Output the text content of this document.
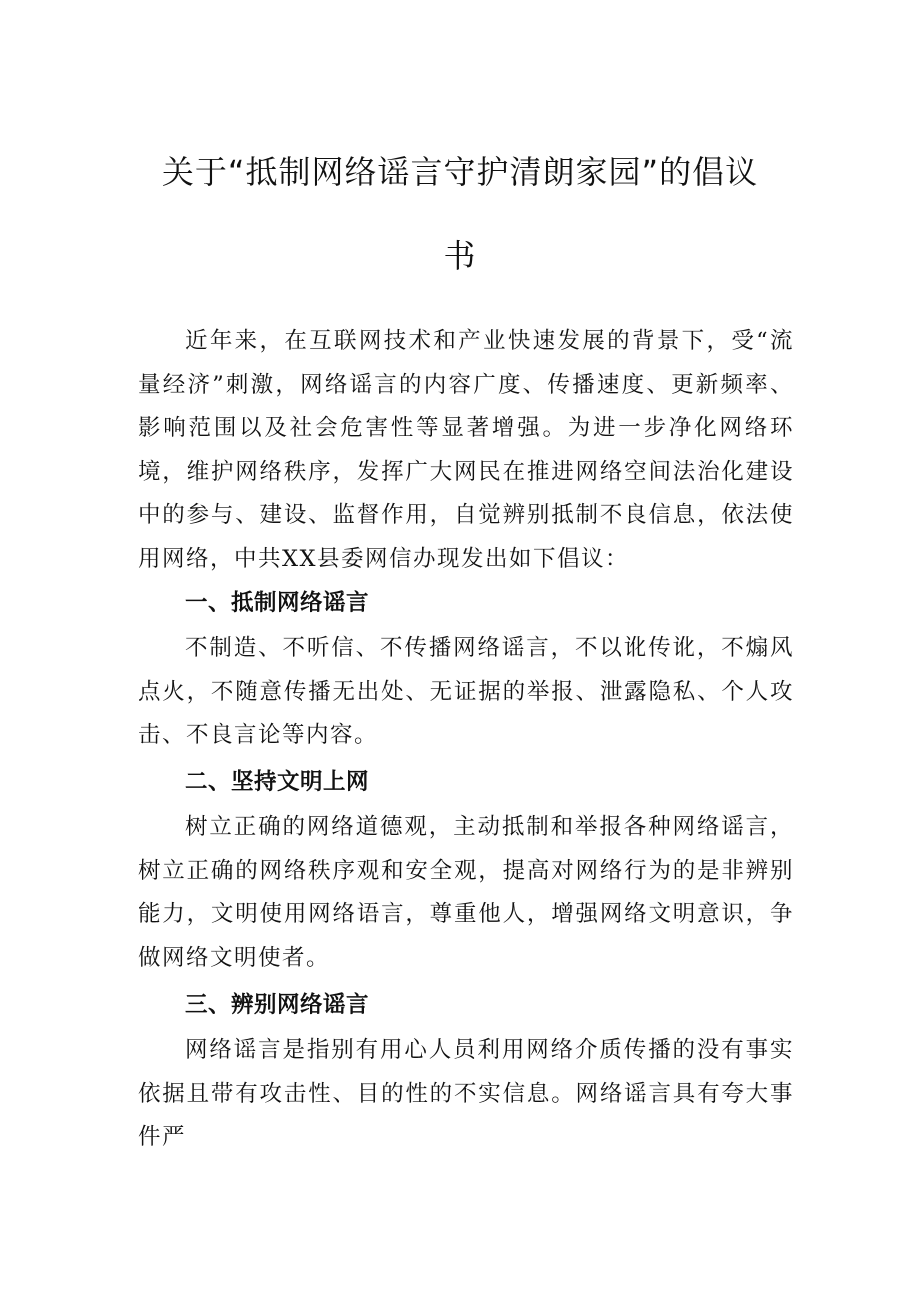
关于“抵制网络谣言守护清朗家园”的倡议
书

近年来，在互联网技术和产业快速发展的背景下，受“流量经济”刺激，网络谣言的内容广度、传播速度、更新频率、影响范围以及社会危害性等显著增强。为进一步净化网络环境，维护网络秩序，发挥广大网民在推进网络空间法治化建设中的参与、建设、监督作用，自觉辨别抵制不良信息，依法使用网络，中共XX县委网信办现发出如下倡议：

一、抵制网络谣言

不制造、不听信、不传播网络谣言，不以讹传讹，不煽风点火，不随意传播无出处、无证据的举报、泄露隐私、个人攻击、不良言论等内容。

二、坚持文明上网

树立正确的网络道德观，主动抵制和举报各种网络谣言，树立正确的网络秩序观和安全观，提高对网络行为的是非辨别能力，文明使用网络语言，尊重他人，增强网络文明意识，争做网络文明使者。

三、辨别网络谣言

网络谣言是指别有用心人员利用网络介质传播的没有事实依据且带有攻击性、目的性的不实信息。网络谣言具有夸大事件严
